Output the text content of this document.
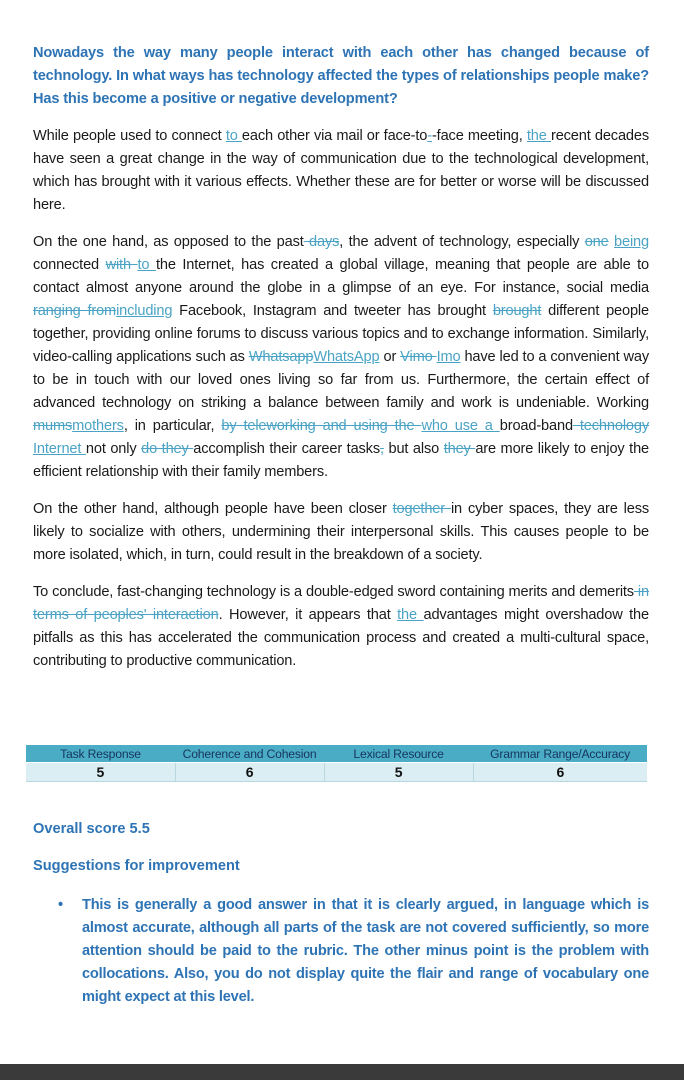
Nowadays the way many people interact with each other has changed because of technology. In what ways has technology affected the types of relationships people make? Has this become a positive or negative development?

While people used to connect to each other via mail or face-to--face meeting, the recent decades have seen a great change in the way of communication due to the technological development, which has brought with it various effects. Whether these are for better or worse will be discussed here.

On the one hand, as opposed to the past days, the advent of technology, especially one being connected with to the Internet, has created a global village, meaning that people are able to contact almost anyone around the globe in a glimpse of an eye. For instance, social media ranging fromincluding Facebook, Instagram and tweeter has brought brought different people together, providing online forums to discuss various topics and to exchange information. Similarly, video-calling applications such as WhatsappWhatsApp or Vimo Imo have led to a convenient way to be in touch with our loved ones living so far from us. Furthermore, the certain effect of advanced technology on striking a balance between family and work is undeniable. Working mumsmothers, in particular, by teleworking and using the who use a broad-band technology Internet not only do they accomplish their career tasks, but also they are more likely to enjoy the efficient relationship with their family members.

On the other hand, although people have been closer together in cyber spaces, they are less likely to socialize with others, undermining their interpersonal skills. This causes people to be more isolated, which, in turn, could result in the breakdown of a society.

To conclude, fast-changing technology is a double-edged sword containing merits and demerits in terms of peoples' interaction. However, it appears that the advantages might overshadow the pitfalls as this has accelerated the communication process and created a multi-cultural space, contributing to productive communication.

Task Response	Coherence and Cohesion	Lexical Resource	Grammar Range/Accuracy
5	6	5	6
Overall score 5.5
Suggestions for improvement
• This is generally a good answer in that it is clearly argued, in language which is almost accurate, although all parts of the task are not covered sufficiently, so more attention should be paid to the rubric. The other minus point is the problem with collocations. Also, you do not display quite the flair and range of vocabulary one might expect at this level.
